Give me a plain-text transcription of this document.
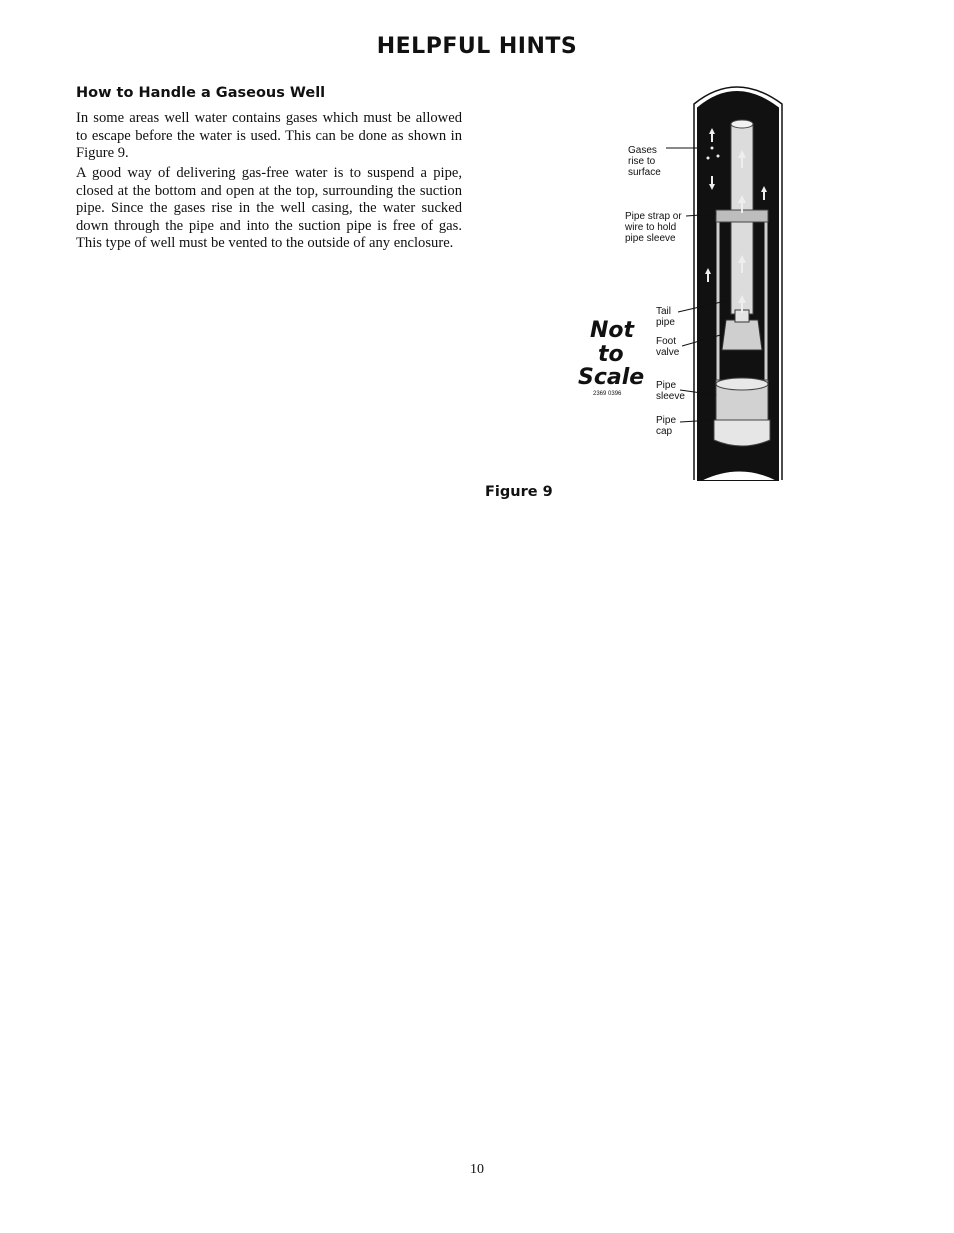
HELPFUL HINTS
How to Handle a Gaseous Well
In some areas well water contains gases which must be allowed to escape before the water is used. This can be done as shown in Figure 9.
A good way of delivering gas-free water is to suspend a pipe, closed at the bottom and open at the top, surrounding the suction pipe. Since the gases rise in the well casing, the water sucked down through the pipe and into the suction pipe is free of gas. This type of well must be vented to the outside of any enclosure.
Gases rise to surface
Pipe strap or wire to hold pipe sleeve
Tail pipe
Foot valve
Pipe sleeve
Pipe cap
Not
to
Scale
2369 0396
Figure 9
10
